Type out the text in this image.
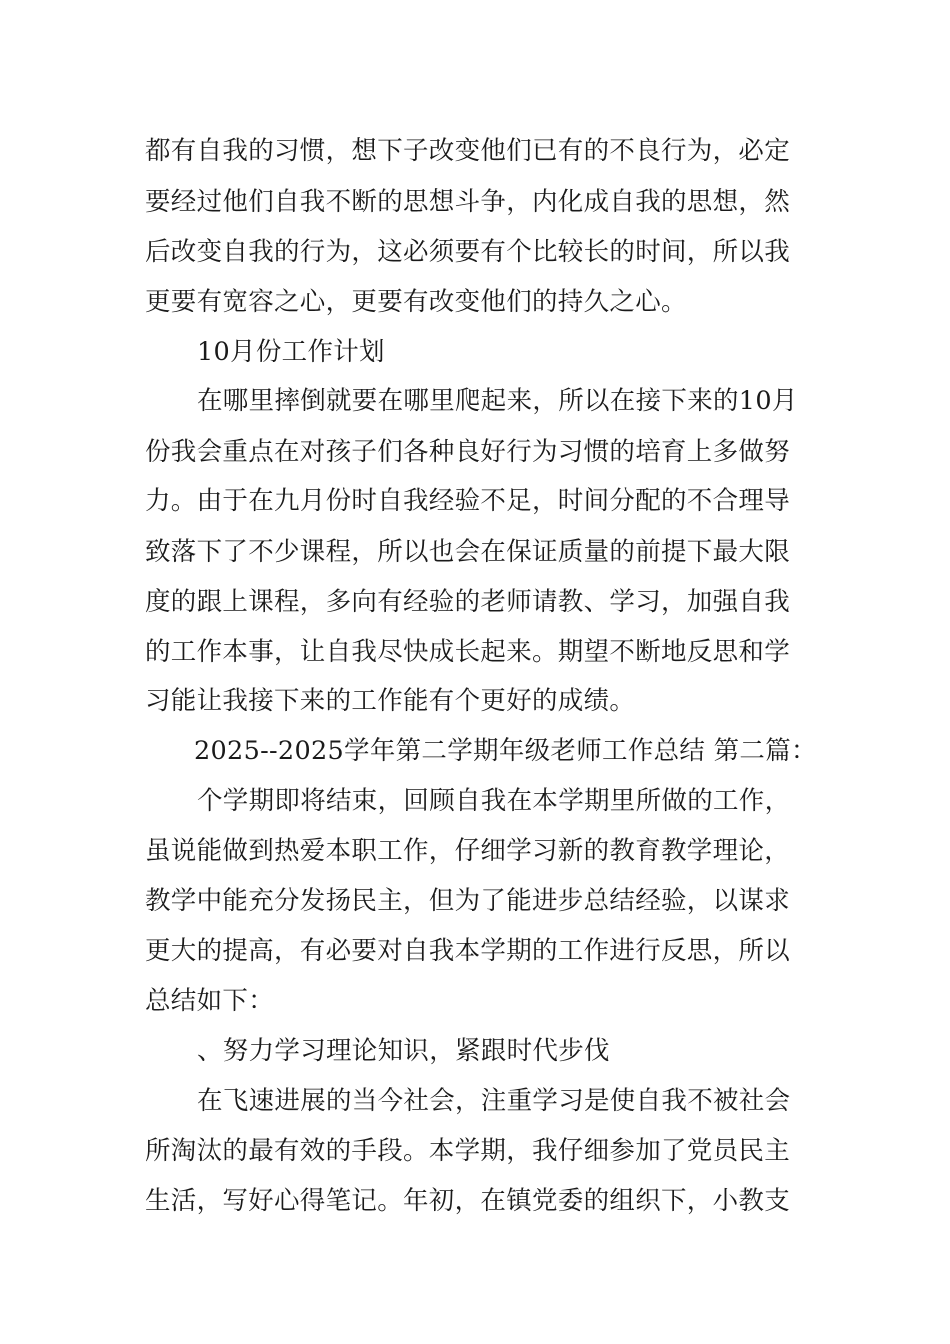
都有自我的习惯，想下子改变他们已有的不良行为，必定
要经过他们自我不断的思想斗争，内化成自我的思想，然
后改变自我的行为，这必须要有个比较长的时间，所以我
更要有宽容之心，更要有改变他们的持久之心。
10月份工作计划
在哪里摔倒就要在哪里爬起来，所以在接下来的10月
份我会重点在对孩子们各种良好行为习惯的培育上多做努
力。由于在九月份时自我经验不足，时间分配的不合理导
致落下了不少课程，所以也会在保证质量的前提下最大限
度的跟上课程，多向有经验的老师请教、学习，加强自我
的工作本事，让自我尽快成长起来。期望不断地反思和学
习能让我接下来的工作能有个更好的成绩。
2025--2025学年第二学期年级老师工作总结 第二篇：
个学期即将结束，回顾自我在本学期里所做的工作，
虽说能做到热爱本职工作，仔细学习新的教育教学理论，
教学中能充分发扬民主，但为了能进步总结经验，以谋求
更大的提高，有必要对自我本学期的工作进行反思，所以
总结如下：
、努力学习理论知识，紧跟时代步伐
在飞速进展的当今社会，注重学习是使自我不被社会
所淘汰的最有效的手段。本学期，我仔细参加了党员民主
生活，写好心得笔记。年初，在镇党委的组织下，小教支
